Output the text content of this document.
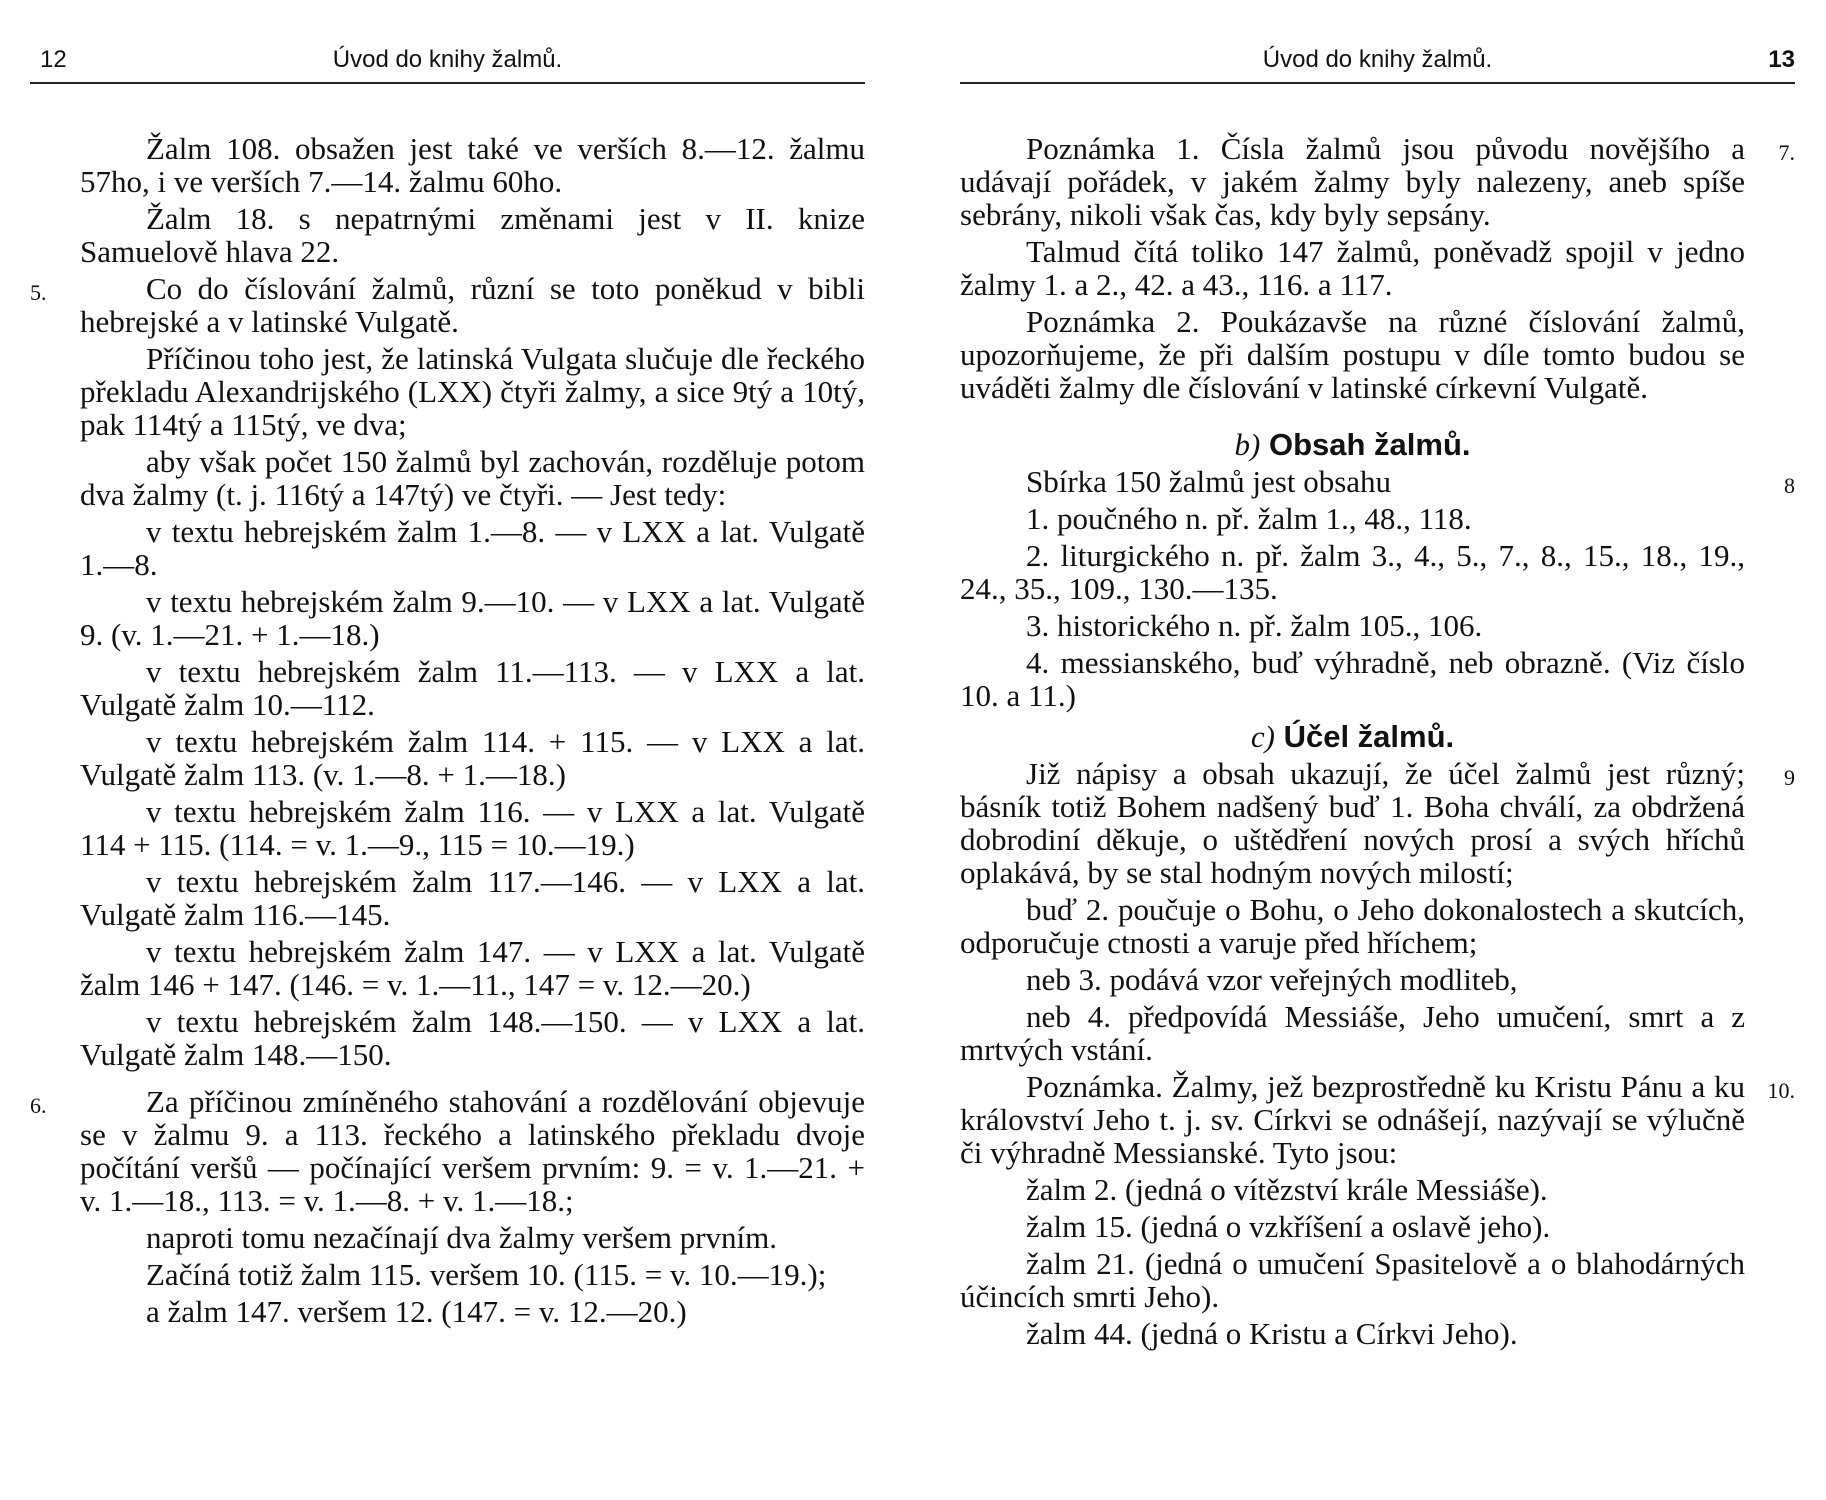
12	Úvod do knihy žalmů.

Žalm 108. obsažen jest také ve verších 8.—12. žalmu 57ho, i ve verších 7.—14. žalmu 60ho.

Žalm 18. s nepatrnými změnami jest v II. knize Samuelově hlava 22.

5.	Co do číslování žalmů, různí se toto poněkud v bibli hebrejské a v latinské Vulgatě.

Příčinou toho jest, že latinská Vulgata slučuje dle řeckého překladu Alexandrijského (LXX) čtyři žalmy, a sice 9tý a 10tý, pak 114tý a 115tý, ve dva;

aby však počet 150 žalmů byl zachován, rozděluje potom dva žalmy (t. j. 116tý a 147tý) ve čtyři. — Jest tedy:

v textu hebrejském žalm 1.—8. — v LXX a lat. Vulgatě 1.—8.

v textu hebrejském žalm 9.—10. — v LXX a lat. Vulgatě 9. (v. 1.—21. + 1.—18.)

v textu hebrejském žalm 11.—113. — v LXX a lat. Vulgatě žalm 10.—112.

v textu hebrejském žalm 114. + 115. — v LXX a lat. Vulgatě žalm 113. (v. 1.—8. + 1.—18.)

v textu hebrejském žalm 116. — v LXX a lat. Vulgatě 114 + 115. (114. = v. 1.—9., 115 = 10.—19.)

v textu hebrejském žalm 117.—146. — v LXX a lat. Vulgatě žalm 116.—145.

v textu hebrejském žalm 147. — v LXX a lat. Vulgatě žalm 146 + 147. (146. = v. 1.—11., 147 = v. 12.—20.)

v textu hebrejském žalm 148.—150. — v LXX a lat. Vulgatě žalm 148.—150.

6.	Za příčinou zmíněného stahování a rozdělování objevuje se v žalmu 9. a 113. řeckého a latinského překladu dvoje počítání veršů — počínající veršem prvním: 9. = v. 1.—21. + v. 1.—18., 113. = v. 1.—8. + v. 1.—18.;

naproti tomu nezačínají dva žalmy veršem prvním.

Začíná totiž žalm 115. veršem 10. (115. = v. 10.—19.);

a žalm 147. veršem 12. (147. = v. 12.—20.)

Úvod do knihy žalmů.	13
7.

Poznámka 1. Čísla žalmů jsou původu novějšího a udávají pořádek, v jakém žalmy byly nalezeny, aneb spíše sebrány, nikoli však čas, kdy byly sepsány.

Talmud čítá toliko 147 žalmů, poněvadž spojil v jedno žalmy 1. a 2., 42. a 43., 116. a 117.

Poznámka 2. Poukázavše na různé číslování žalmů, upozorňujeme, že při dalším postupu v díle tomto budou se uváděti žalmy dle číslování v latinské církevní Vulgatě.

b) Obsah žalmů.
8

Sbírka 150 žalmů jest obsahu

1. poučného n. př. žalm 1., 48., 118.

2. liturgického n. př. žalm 3., 4., 5., 7., 8., 15., 18., 19., 24., 35., 109., 130.—135.

3. historického n. př. žalm 105., 106.

4. messianského, buď výhradně, neb obrazně. (Viz číslo 10. a 11.)

c) Účel žalmů.
9

Již nápisy a obsah ukazují, že účel žalmů jest různý; básník totiž Bohem nadšený buď 1. Boha chválí, za obdržená dobrodiní děkuje, o uštědření nových prosí a svých hříchů oplakává, by se stal hodným nových milostí;

buď 2. poučuje o Bohu, o Jeho dokonalostech a skutcích, odporučuje ctnosti a varuje před hříchem;

neb 3. podává vzor veřejných modliteb,

neb 4. předpovídá Messiáše, Jeho umučení, smrt a z mrtvých vstání.

10.

Poznámka. Žalmy, jež bezprostředně ku Kristu Pánu a ku království Jeho t. j. sv. Církvi se odnášejí, nazývají se výlučně či výhradně Messianské. Tyto jsou:

žalm 2. (jedná o vítězství krále Messiáše).

žalm 15. (jedná o vzkříšení a oslavě jeho).

žalm 21. (jedná o umučení Spasitelově a o blahodárných účincích smrti Jeho).

žalm 44. (jedná o Kristu a Církvi Jeho).
